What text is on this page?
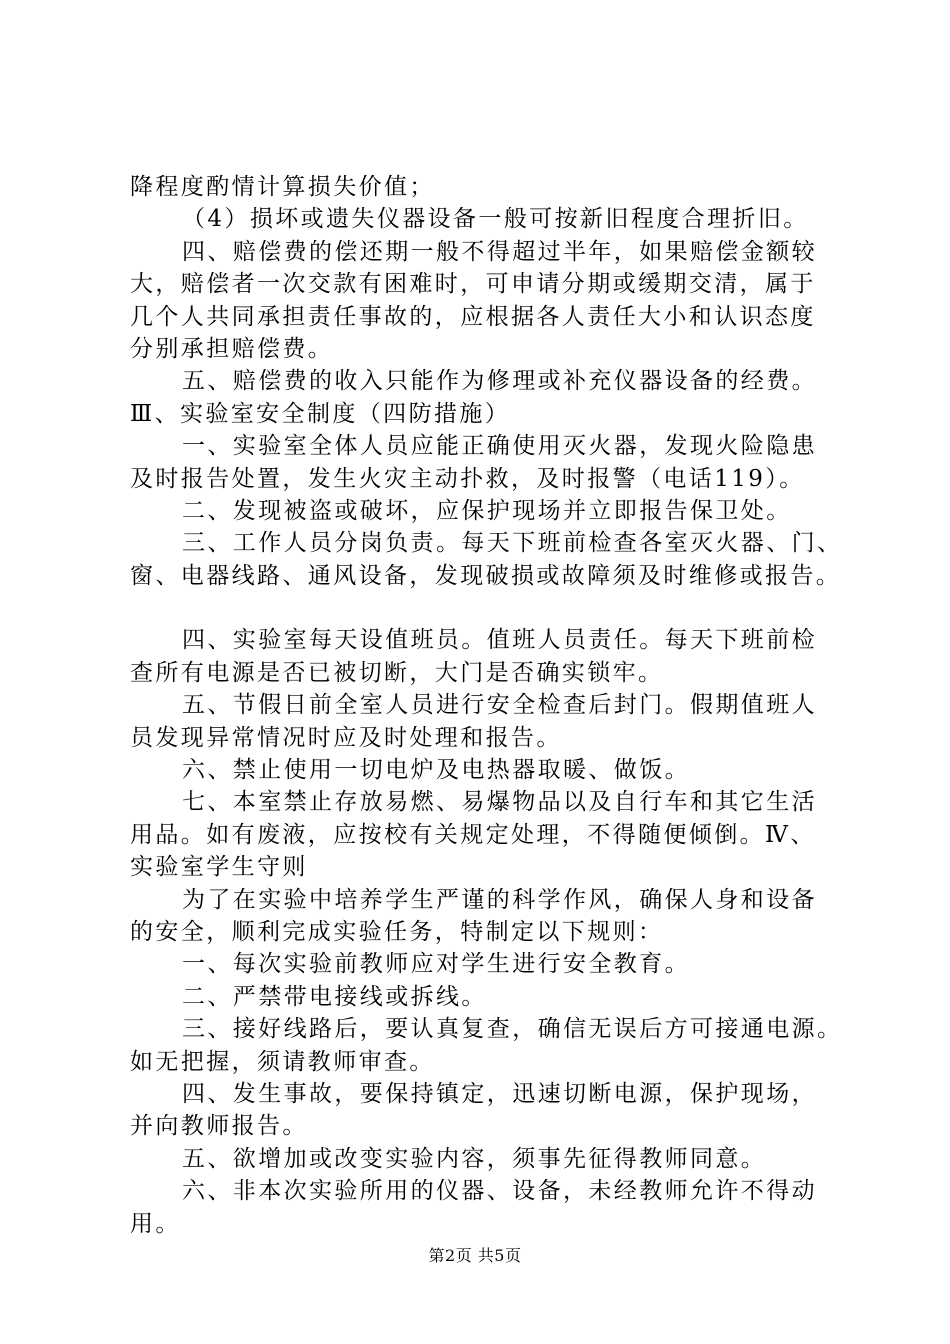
降程度酌情计算损失价值；
（4）损坏或遗失仪器设备一般可按新旧程度合理折旧。
四、赔偿费的偿还期一般不得超过半年，如果赔偿金额较
大，赔偿者一次交款有困难时，可申请分期或缓期交清，属于
几个人共同承担责任事故的，应根据各人责任大小和认识态度
分别承担赔偿费。
五、赔偿费的收入只能作为修理或补充仪器设备的经费。
Ⅲ、实验室安全制度（四防措施）
一、实验室全体人员应能正确使用灭火器，发现火险隐患
及时报告处置，发生火灾主动扑救，及时报警（电话119）。
二、发现被盗或破坏，应保护现场并立即报告保卫处。
三、工作人员分岗负责。每天下班前检查各室灭火器、门、
窗、电器线路、通风设备，发现破损或故障须及时维修或报告。
四、实验室每天设值班员。值班人员责任。每天下班前检
查所有电源是否已被切断，大门是否确实锁牢。
五、节假日前全室人员进行安全检查后封门。假期值班人
员发现异常情况时应及时处理和报告。
六、禁止使用一切电炉及电热器取暖、做饭。
七、本室禁止存放易燃、易爆物品以及自行车和其它生活
用品。如有废液，应按校有关规定处理，不得随便倾倒。Ⅳ、
实验室学生守则
为了在实验中培养学生严谨的科学作风，确保人身和设备
的安全，顺利完成实验任务，特制定以下规则：
一、每次实验前教师应对学生进行安全教育。
二、严禁带电接线或拆线。
三、接好线路后，要认真复查，确信无误后方可接通电源。
如无把握，须请教师审查。
四、发生事故，要保持镇定，迅速切断电源，保护现场，
并向教师报告。
五、欲增加或改变实验内容，须事先征得教师同意。
六、非本次实验所用的仪器、设备，未经教师允许不得动
用。
第2页 共5页
